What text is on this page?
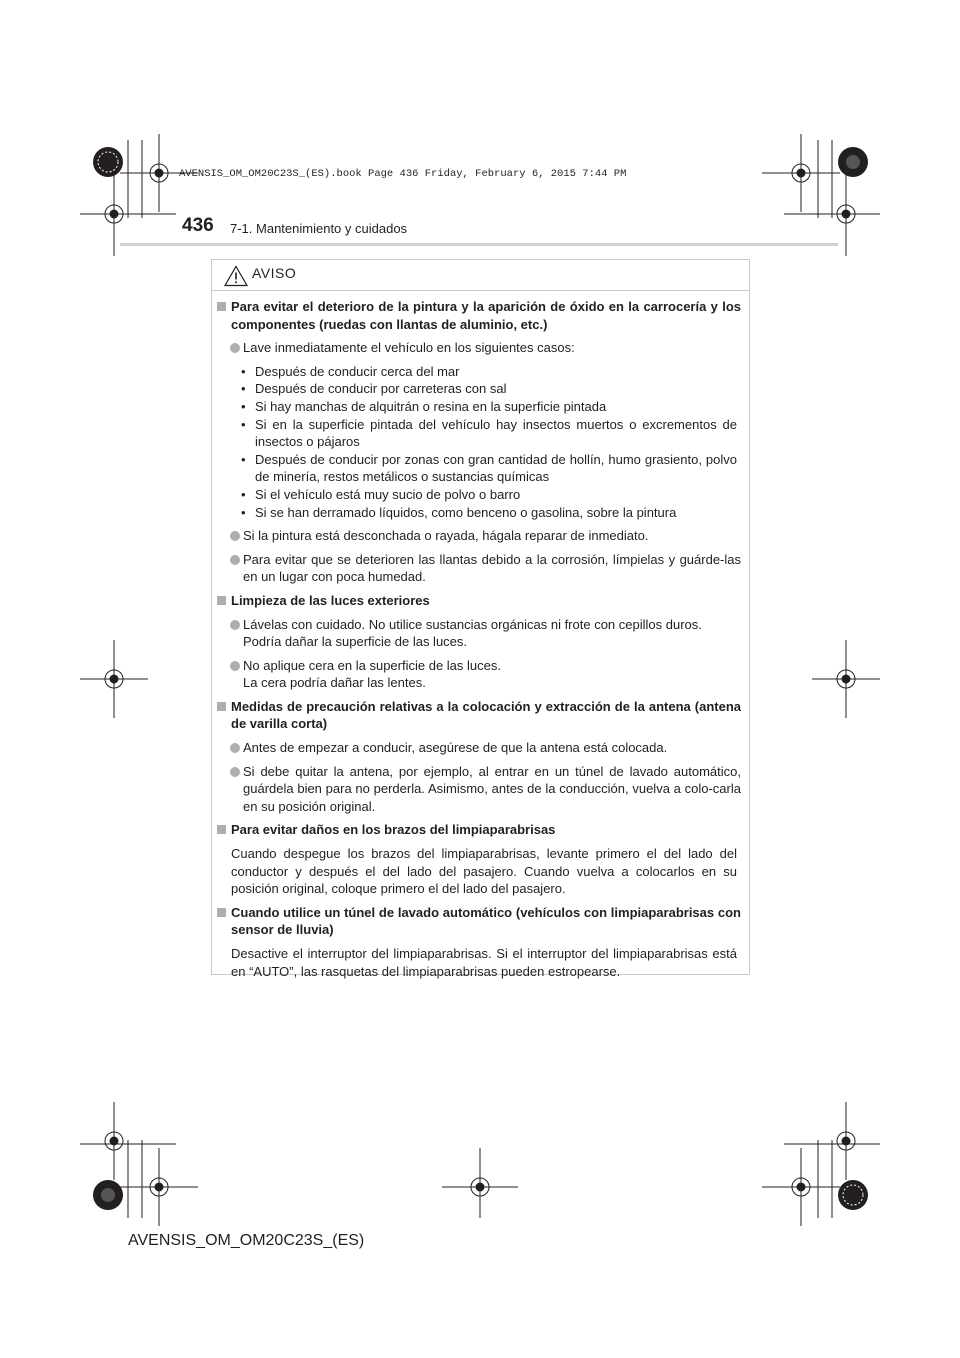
AVENSIS_OM_OM20C23S_(ES).book Page 436 Friday, February 6, 2015 7:44 PM
436 7-1. Mantenimiento y cuidados
AVISO
Para evitar el deterioro de la pintura y la aparición de óxido en la carrocería y los componentes (ruedas con llantas de aluminio, etc.)
Lave inmediatamente el vehículo en los siguientes casos:
• Después de conducir cerca del mar
• Después de conducir por carreteras con sal
• Si hay manchas de alquitrán o resina en la superficie pintada
• Si en la superficie pintada del vehículo hay insectos muertos o excrementos de insectos o pájaros
• Después de conducir por zonas con gran cantidad de hollín, humo grasiento, polvo de minería, restos metálicos o sustancias químicas
• Si el vehículo está muy sucio de polvo o barro
• Si se han derramado líquidos, como benceno o gasolina, sobre la pintura
Si la pintura está desconchada o rayada, hágala reparar de inmediato.
Para evitar que se deterioren las llantas debido a la corrosión, límpielas y guárde-las en un lugar con poca humedad.
Limpieza de las luces exteriores
Lávelas con cuidado. No utilice sustancias orgánicas ni frote con cepillos duros.
Podría dañar la superficie de las luces.
No aplique cera en la superficie de las luces.
La cera podría dañar las lentes.
Medidas de precaución relativas a la colocación y extracción de la antena (antena de varilla corta)
Antes de empezar a conducir, asegúrese de que la antena está colocada.
Si debe quitar la antena, por ejemplo, al entrar en un túnel de lavado automático, guárdela bien para no perderla. Asimismo, antes de la conducción, vuelva a colo-carla en su posición original.
Para evitar daños en los brazos del limpiaparabrisas
Cuando despegue los brazos del limpiaparabrisas, levante primero el del lado del conductor y después el del lado del pasajero. Cuando vuelva a colocarlos en su posición original, coloque primero el del lado del pasajero.
Cuando utilice un túnel de lavado automático (vehículos con limpiaparabrisas con sensor de lluvia)
Desactive el interruptor del limpiaparabrisas. Si el interruptor del limpiaparabrisas está en “AUTO”, las rasquetas del limpiaparabrisas pueden estropearse.
AVENSIS_OM_OM20C23S_(ES)
